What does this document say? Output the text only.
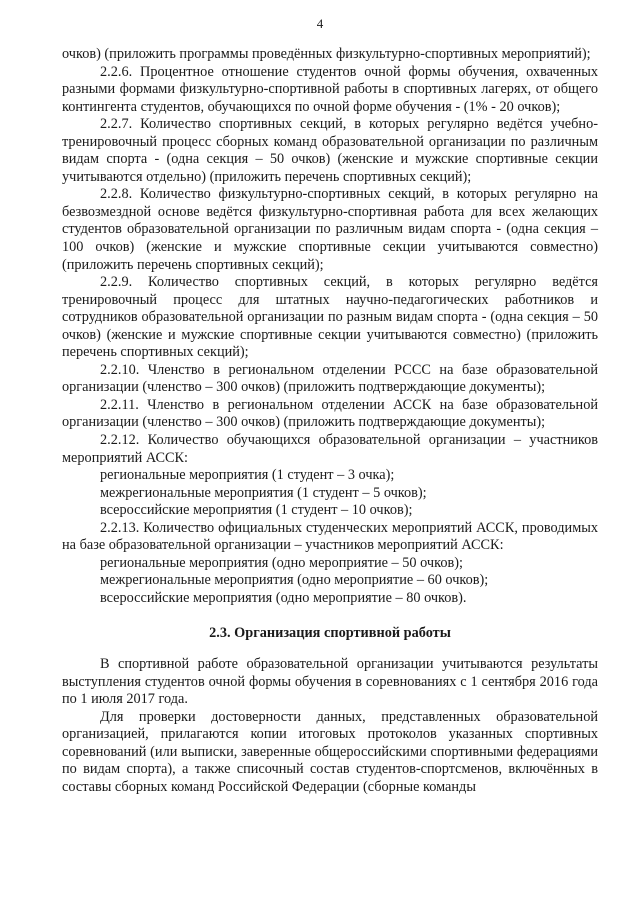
4

очков) (приложить программы проведённых физкультурно-спортивных мероприятий);

2.2.6. Процентное отношение студентов очной формы обучения, охваченных разными формами физкультурно-спортивной работы в спортивных лагерях, от общего контингента студентов, обучающихся по очной форме обучения - (1% - 20 очков);

2.2.7. Количество спортивных секций, в которых регулярно ведётся учебно-тренировочный процесс сборных команд образовательной организации по различным видам спорта - (одна секция – 50 очков) (женские и мужские спортивные секции учитываются отдельно) (приложить перечень спортивных секций);

2.2.8. Количество физкультурно-спортивных секций, в которых регулярно на безвозмездной основе ведётся физкультурно-спортивная работа для всех желающих студентов образовательной организации по различным видам спорта - (одна секция – 100 очков) (женские и мужские спортивные секции учитываются совместно) (приложить перечень спортивных секций);

2.2.9. Количество спортивных секций, в которых регулярно ведётся тренировочный процесс для штатных научно-педагогических работников и сотрудников образовательной организации по разным видам спорта - (одна секция – 50 очков) (женские и мужские спортивные секции учитываются совместно) (приложить перечень спортивных секций);

2.2.10. Членство в региональном отделении РССС на базе образовательной организации (членство – 300 очков) (приложить подтверждающие документы);

2.2.11. Членство в региональном отделении АССК на базе образовательной организации (членство – 300 очков) (приложить подтверждающие документы);

2.2.12. Количество обучающихся образовательной организации – участников мероприятий АССК:

региональные мероприятия (1 студент – 3 очка);

межрегиональные мероприятия (1 студент – 5 очков);

всероссийские мероприятия (1 студент – 10 очков);

2.2.13. Количество официальных студенческих мероприятий АССК, проводимых на базе образовательной организации – участников мероприятий АССК:

региональные мероприятия (одно мероприятие – 50 очков);

межрегиональные мероприятия (одно мероприятие – 60 очков);

всероссийские мероприятия (одно мероприятие – 80 очков).

2.3. Организация спортивной работы

В спортивной работе образовательной организации учитываются результаты выступления студентов очной формы обучения в соревнованиях с 1 сентября 2016 года по 1 июля 2017 года.

Для проверки достоверности данных, представленных образовательной организацией, прилагаются копии итоговых протоколов указанных спортивных соревнований (или выписки, заверенные общероссийскими спортивными федерациями по видам спорта), а также списочный состав студентов-спортсменов, включённых в составы сборных команд Российской Федерации (сборные команды
